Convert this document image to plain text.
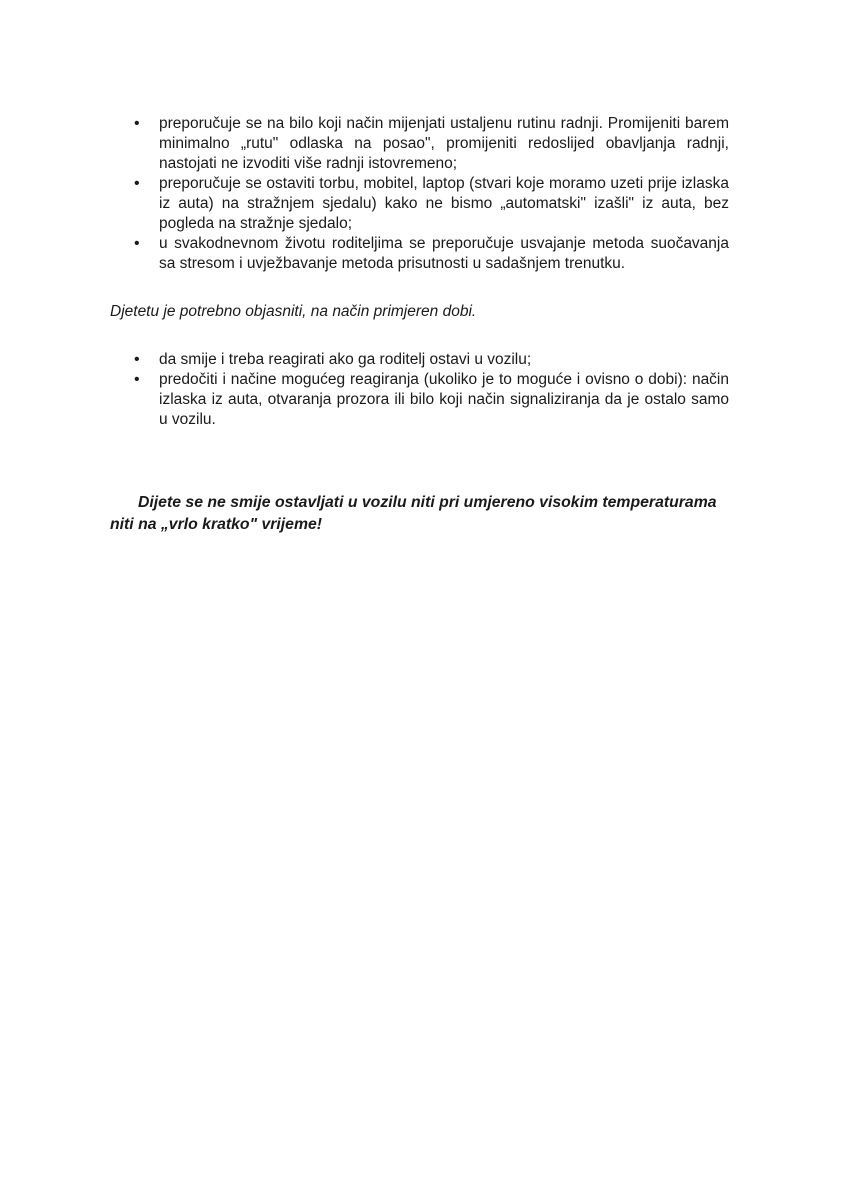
• preporučuje se na bilo koji način mijenjati ustaljenu rutinu radnji. Promijeniti barem minimalno „rutu" odlaska na posao", promijeniti redoslijed obavljanja radnji, nastojati ne izvoditi više radnji istovremeno;
• preporučuje se ostaviti torbu, mobitel, laptop (stvari koje moramo uzeti prije izlaska iz auta) na stražnjem sjedalu) kako ne bismo „automatski" izašli" iz auta, bez pogleda na stražnje sjedalo;
• u svakodnevnom životu roditeljima se preporučuje usvajanje metoda suočavanja sa stresom i uvježbavanje metoda prisutnosti u sadašnjem trenutku.
Djetetu je potrebno objasniti, na način primjeren dobi.
• da smije i treba reagirati ako ga roditelj ostavi u vozilu;
• predočiti i načine mogućeg reagiranja (ukoliko je to moguće i ovisno o dobi): način izlaska iz auta, otvaranja prozora ili bilo koji način signaliziranja da je ostalo samo u vozilu.
Dijete se ne smije ostavljati u vozilu niti pri umjereno visokim temperaturama
niti na „vrlo kratko" vrijeme!
